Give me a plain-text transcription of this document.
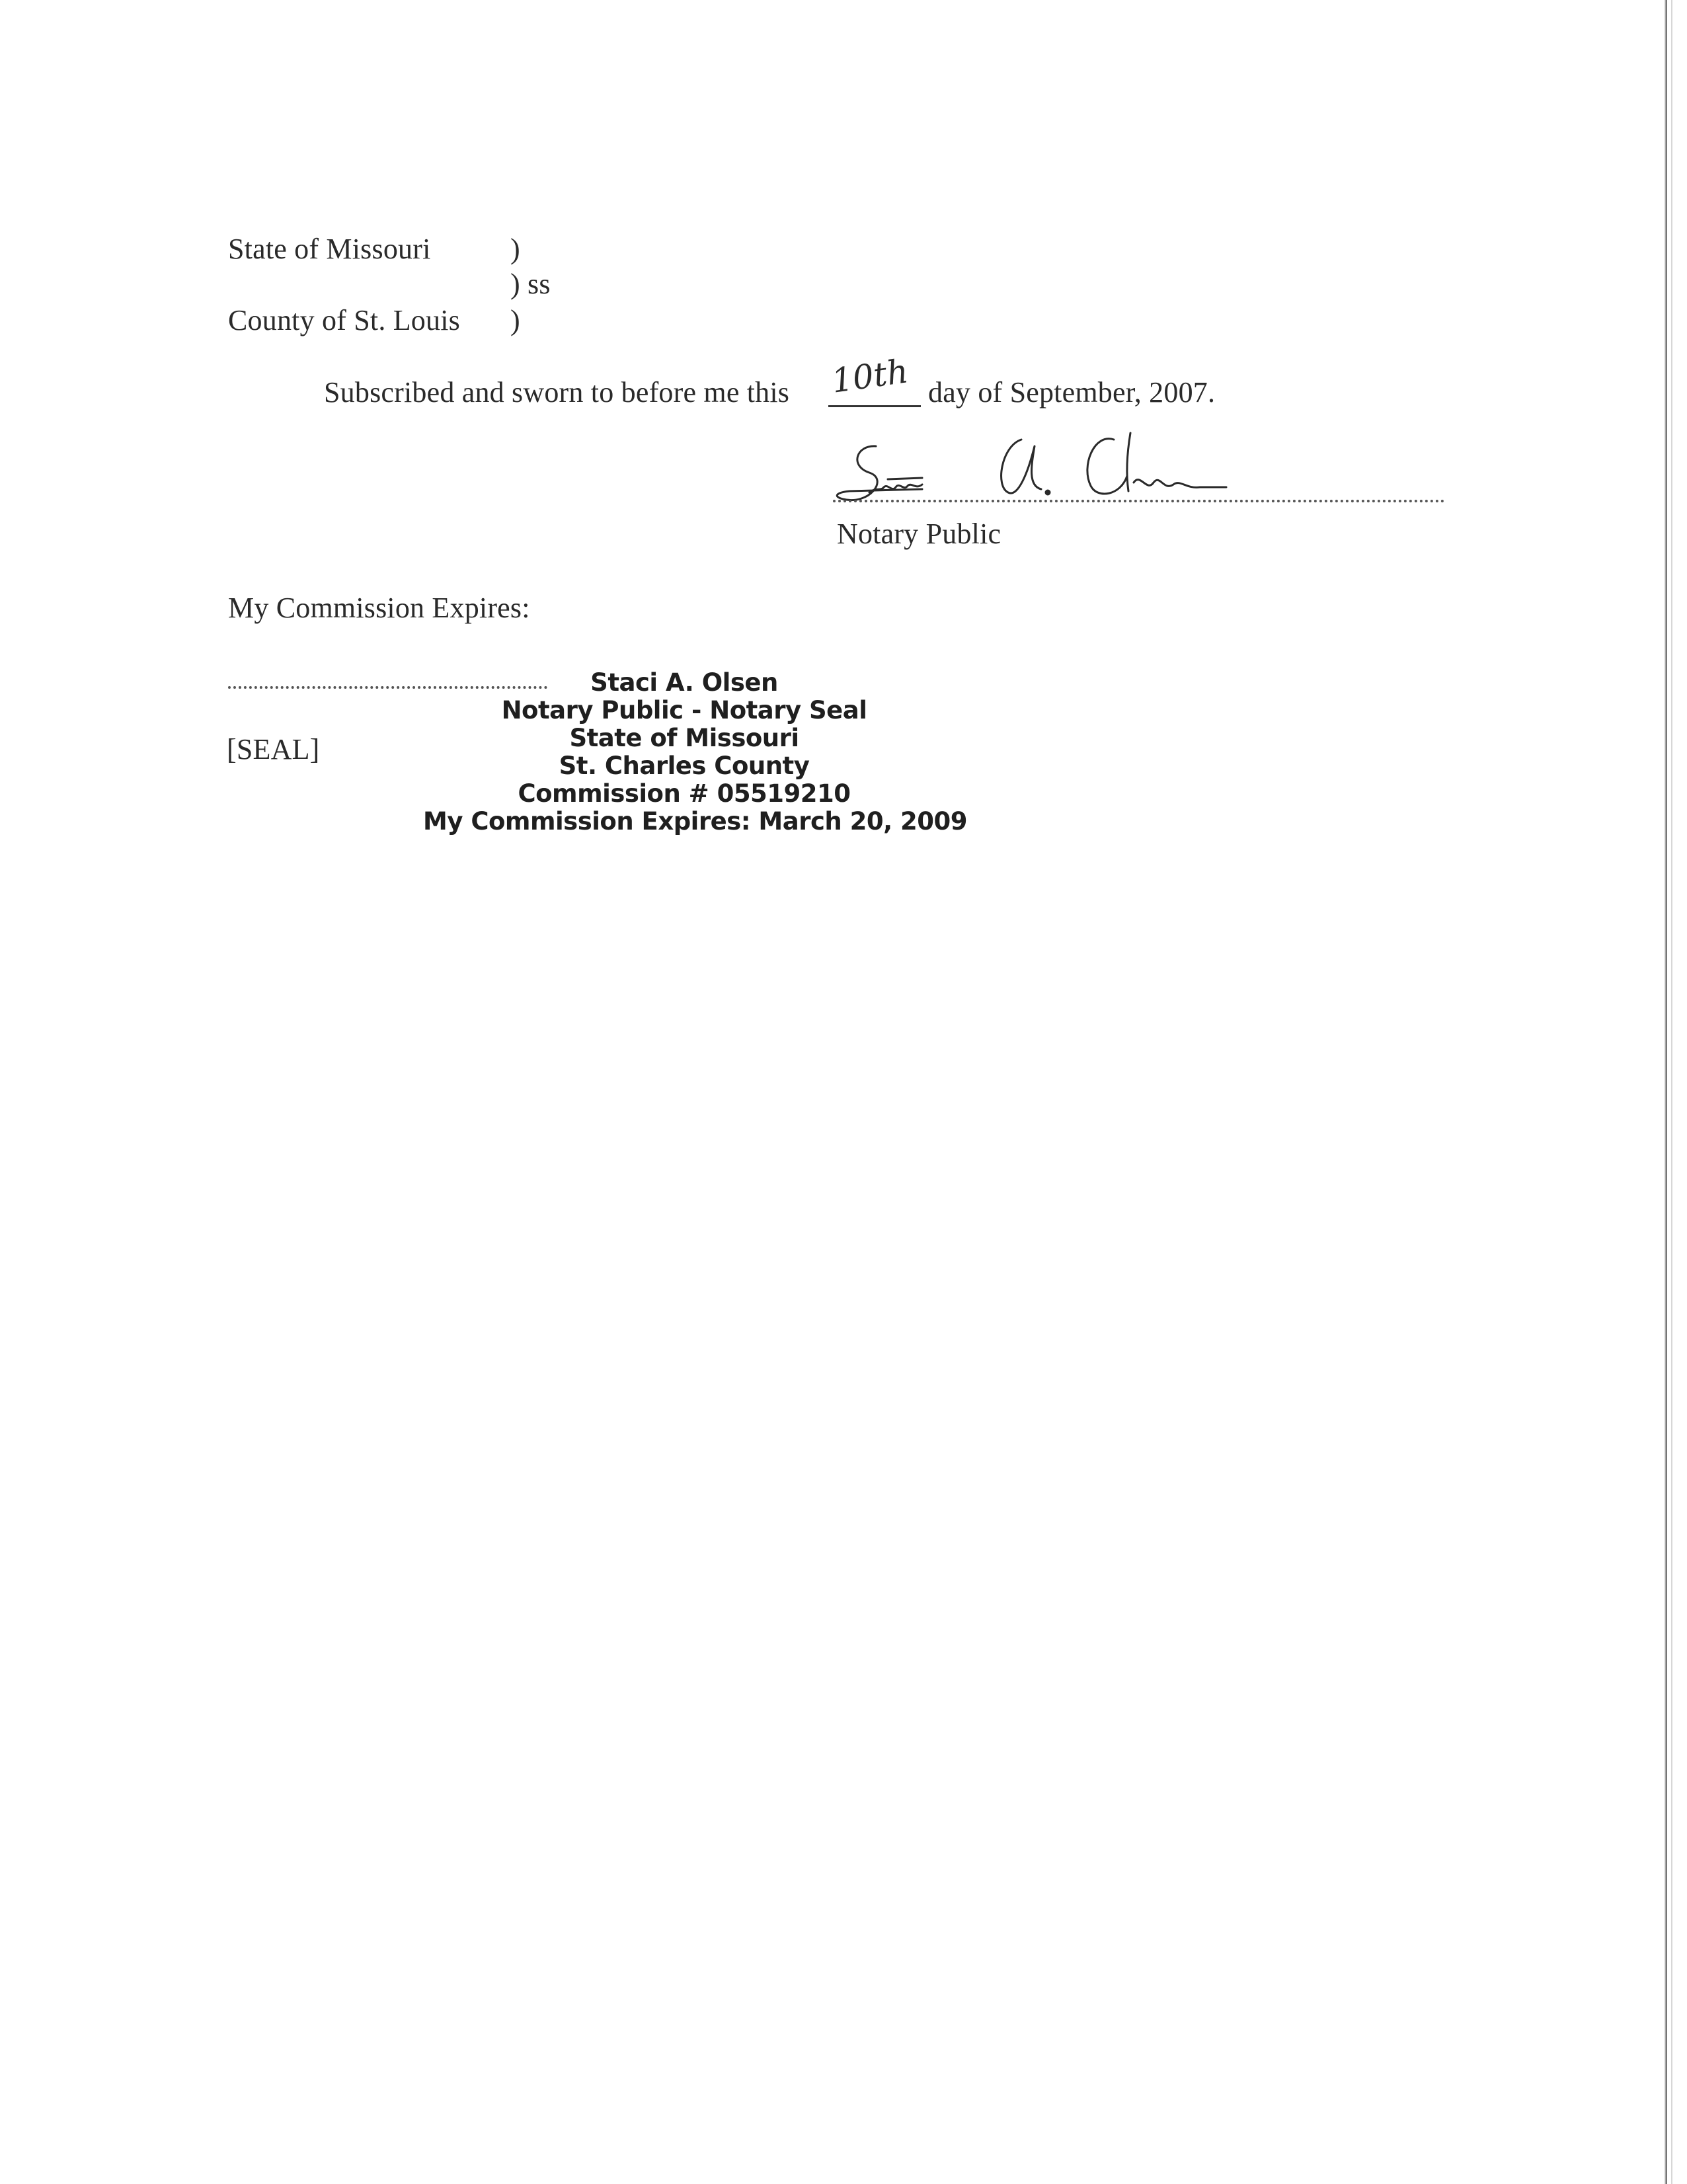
State of Missouri
County of St. Louis
)
) ss
)
Subscribed and sworn to before me this 10th day of September, 2007.
Notary Public
My Commission Expires:
[SEAL]
Staci A. Olsen
Notary Public - Notary Seal
State of Missouri
St. Charles County
Commission # 05519210
My Commission Expires: March 20, 2009
